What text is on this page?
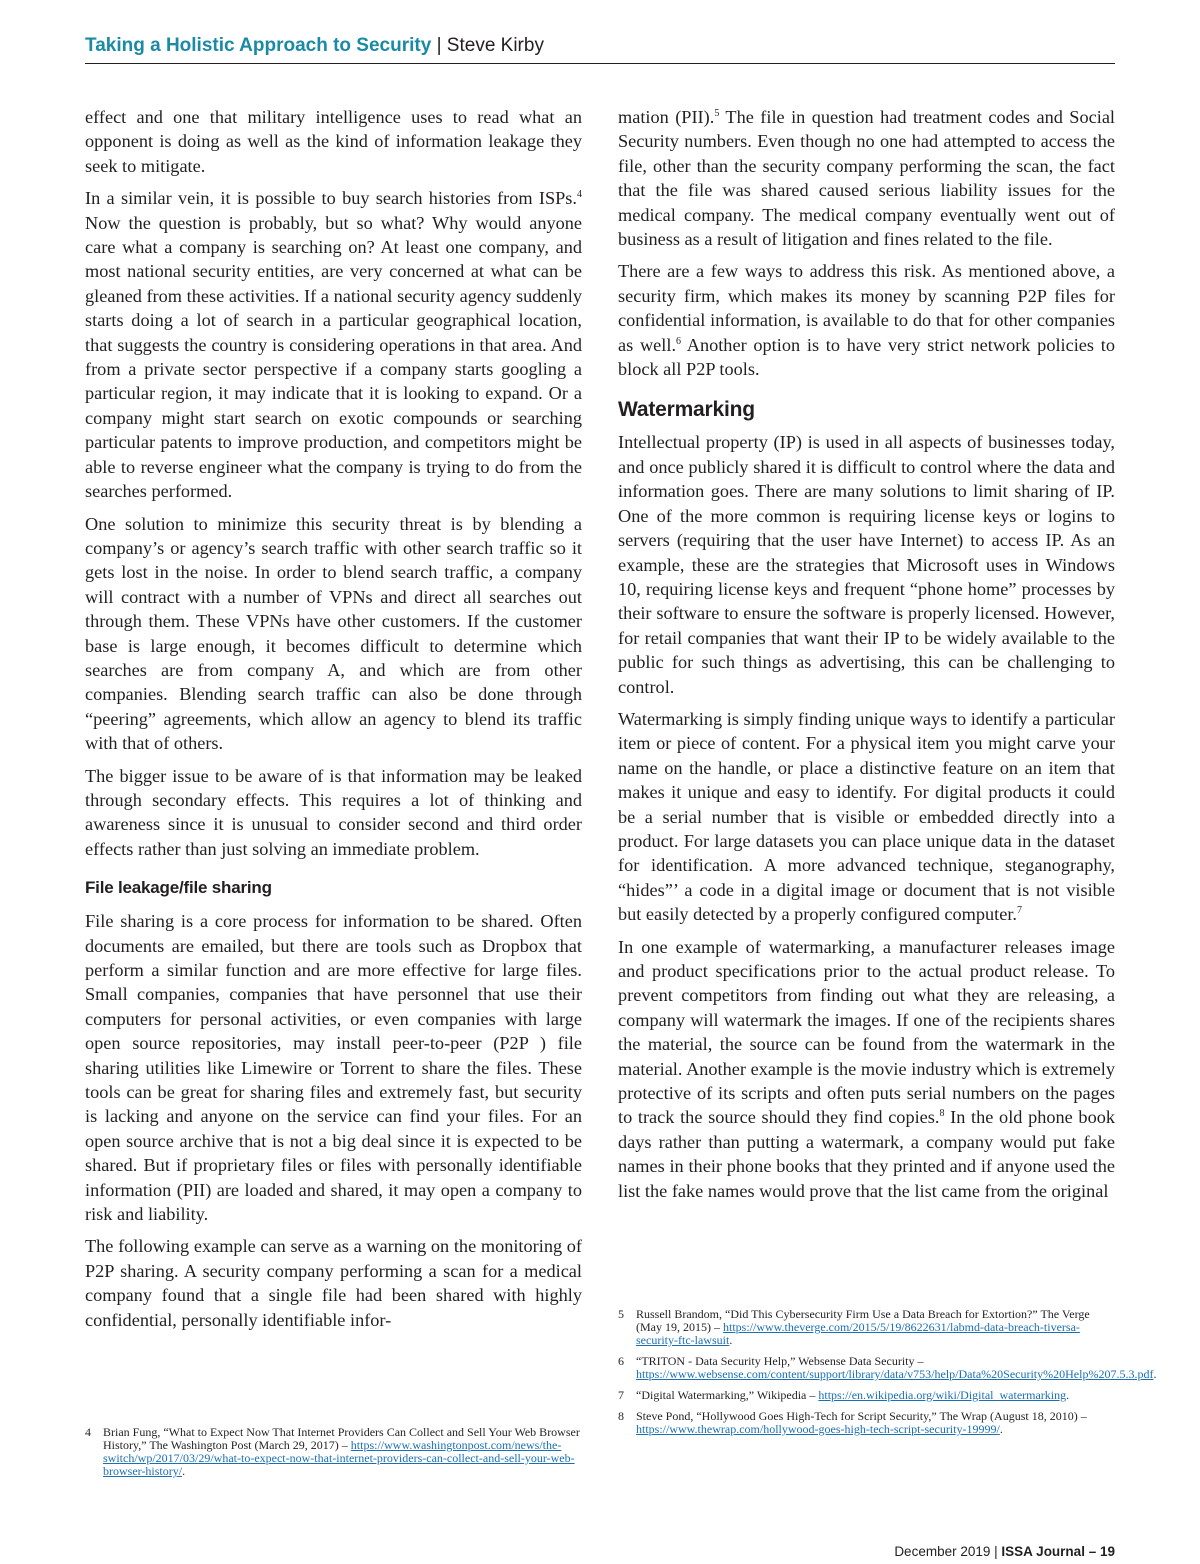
Taking a Holistic Approach to Security | Steve Kirby

effect and one that military intelligence uses to read what an opponent is doing as well as the kind of information leakage they seek to mitigate.

In a similar vein, it is possible to buy search histories from ISPs.$^4$ Now the question is probably, but so what? Why would anyone care what a company is searching on? At least one company, and most national security entities, are very concerned at what can be gleaned from these activities. If a national security agency suddenly starts doing a lot of search in a particular geographical location, that suggests the country is considering operations in that area. And from a private sector perspective if a company starts googling a particular region, it may indicate that it is looking to expand. Or a company might start search on exotic compounds or searching particular patents to improve production, and competitors might be able to reverse engineer what the company is trying to do from the searches performed.

One solution to minimize this security threat is by blending a company’s or agency’s search traffic with other search traffic so it gets lost in the noise. In order to blend search traffic, a company will contract with a number of VPNs and direct all searches out through them. These VPNs have other customers. If the customer base is large enough, it becomes difficult to determine which searches are from company A, and which are from other companies. Blending search traffic can also be done through “peering” agreements, which allow an agency to blend its traffic with that of others.

The bigger issue to be aware of is that information may be leaked through secondary effects. This requires a lot of thinking and awareness since it is unusual to consider second and third order effects rather than just solving an immediate problem.

File leakage/file sharing

File sharing is a core process for information to be shared. Often documents are emailed, but there are tools such as Dropbox that perform a similar function and are more effective for large files. Small companies, companies that have personnel that use their computers for personal activities, or even companies with large open source repositories, may install peer-to-peer (P2P ) file sharing utilities like Limewire or Torrent to share the files. These tools can be great for sharing files and extremely fast, but security is lacking and anyone on the service can find your files. For an open source archive that is not a big deal since it is expected to be shared. But if proprietary files or files with personally identifiable information (PII) are loaded and shared, it may open a company to risk and liability.

The following example can serve as a warning on the monitoring of P2P sharing. A security company performing a scan for a medical company found that a single file had been shared with highly confidential, personally identifiable infor-

mation (PII).$^5$ The file in question had treatment codes and Social Security numbers. Even though no one had attempted to access the file, other than the security company performing the scan, the fact that the file was shared caused serious liability issues for the medical company. The medical company eventually went out of business as a result of litigation and fines related to the file.

There are a few ways to address this risk. As mentioned above, a security firm, which makes its money by scanning P2P files for confidential information, is available to do that for other companies as well.$^6$ Another option is to have very strict network policies to block all P2P tools.

Watermarking

Intellectual property (IP) is used in all aspects of businesses today, and once publicly shared it is difficult to control where the data and information goes. There are many solutions to limit sharing of IP. One of the more common is requiring license keys or logins to servers (requiring that the user have Internet) to access IP. As an example, these are the strategies that Microsoft uses in Windows 10, requiring license keys and frequent “phone home” processes by their software to ensure the software is properly licensed. However, for retail companies that want their IP to be widely available to the public for such things as advertising, this can be challenging to control.

Watermarking is simply finding unique ways to identify a particular item or piece of content. For a physical item you might carve your name on the handle, or place a distinctive feature on an item that makes it unique and easy to identify. For digital products it could be a serial number that is visible or embedded directly into a product. For large datasets you can place unique data in the dataset for identification. A more advanced technique, steganography, “hides”’ a code in a digital image or document that is not visible but easily detected by a properly configured computer.$^7$

In one example of watermarking, a manufacturer releases image and product specifications prior to the actual product release. To prevent competitors from finding out what they are releasing, a company will watermark the images. If one of the recipients shares the material, the source can be found from the watermark in the material. Another example is the movie industry which is extremely protective of its scripts and often puts serial numbers on the pages to track the source should they find copies.$^8$ In the old phone book days rather than putting a watermark, a company would put fake names in their phone books that they printed and if anyone used the list the fake names would prove that the list came from the original

4 Brian Fung, “What to Expect Now That Internet Providers Can Collect and Sell Your Web Browser History,” The Washington Post (March 29, 2017) – https://www.washingtonpost.com/news/the-switch/wp/2017/03/29/what-to-expect-now-that-internet-providers-can-collect-and-sell-your-web-browser-history/.
5 Russell Brandom, “Did This Cybersecurity Firm Use a Data Breach for Extortion?” The Verge (May 19, 2015) – https://www.theverge.com/2015/5/19/8622631/labmd-data-breach-tiversa-security-ftc-lawsuit.
6 “TRITON - Data Security Help,” Websense Data Security – https://www.websense.com/content/support/library/data/v753/help/Data%20Security%20Help%207.5.3.pdf.
7 “Digital Watermarking,” Wikipedia – https://en.wikipedia.org/wiki/Digital_watermarking.
8 Steve Pond, “Hollywood Goes High-Tech for Script Security,” The Wrap (August 18, 2010) – https://www.thewrap.com/hollywood-goes-high-tech-script-security-19999/.
December 2019 | ISSA Journal – 19
